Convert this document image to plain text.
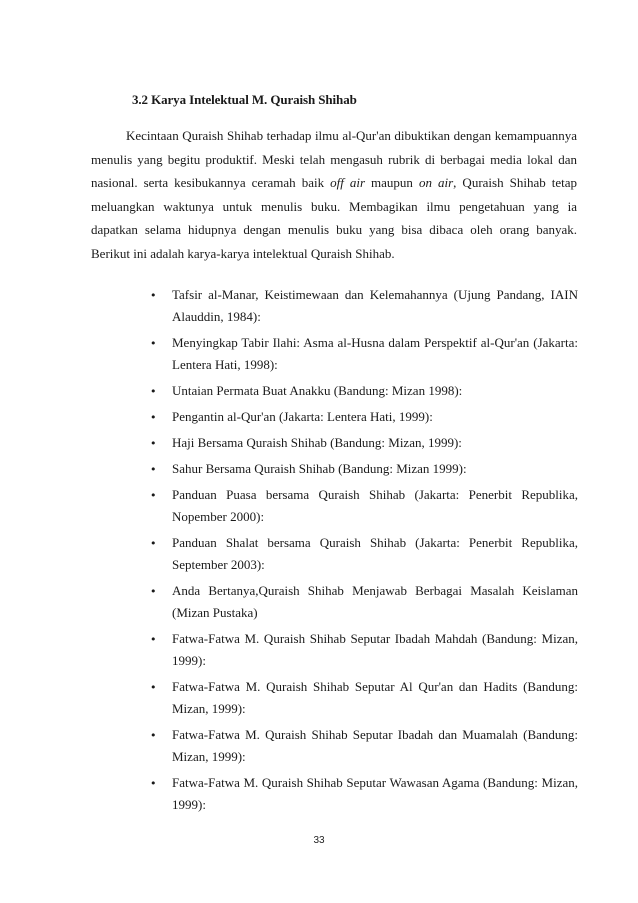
3.2 Karya Intelektual M. Quraish Shihab

Kecintaan Quraish Shihab terhadap ilmu al-Qur'an dibuktikan dengan kemampuannya menulis yang begitu produktif. Meski telah mengasuh rubrik di berbagai media lokal dan nasional. serta kesibukannya ceramah baik off air maupun on air, Quraish Shihab tetap meluangkan waktunya untuk menulis buku. Membagikan ilmu pengetahuan yang ia dapatkan selama hidupnya dengan menulis buku yang bisa dibaca oleh orang banyak. Berikut ini adalah karya-karya intelektual Quraish Shihab.

•
Tafsir al-Manar, Keistimewaan dan Kelemahannya (Ujung Pandang, IAIN Alauddin, 1984):
•
Menyingkap Tabir Ilahi: Asma al-Husna dalam Perspektif al-Qur'an (Jakarta: Lentera Hati, 1998):
•
Untaian Permata Buat Anakku (Bandung: Mizan 1998):
•
Pengantin al-Qur'an (Jakarta: Lentera Hati, 1999):
•
Haji Bersama Quraish Shihab (Bandung: Mizan, 1999):
•
Sahur Bersama Quraish Shihab (Bandung: Mizan 1999):
•
Panduan Puasa bersama Quraish Shihab (Jakarta: Penerbit Republika, Nopember 2000):
•
Panduan Shalat bersama Quraish Shihab (Jakarta: Penerbit Republika, September 2003):
•
Anda Bertanya,Quraish Shihab Menjawab Berbagai Masalah Keislaman (Mizan Pustaka)
•
Fatwa-Fatwa M. Quraish Shihab Seputar Ibadah Mahdah (Bandung: Mizan, 1999):
•
Fatwa-Fatwa M. Quraish Shihab Seputar Al Qur'an dan Hadits (Bandung: Mizan, 1999):
•
Fatwa-Fatwa M. Quraish Shihab Seputar Ibadah dan Muamalah (Bandung: Mizan, 1999):
•
Fatwa-Fatwa M. Quraish Shihab Seputar Wawasan Agama (Bandung: Mizan, 1999):
33
